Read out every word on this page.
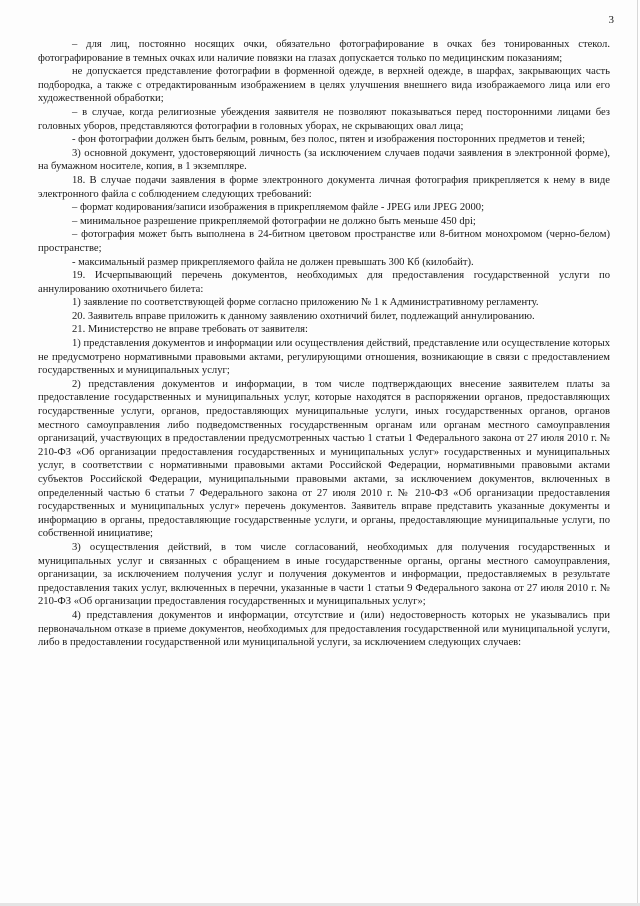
3

– для лиц, постоянно носящих очки, обязательно фотографирование в очках без тонированных стекол. фотографирование в темных очках или наличие повязки на глазах допускается только по медицинским показаниям;

не допускается представление фотографии в форменной одежде, в верхней одежде, в шарфах, закрывающих часть подбородка, а также с отредактированным изображением в целях улучшения внешнего вида изображаемого лица или его художественной обработки;

– в случае, когда религиозные убеждения заявителя не позволяют показываться перед посторонними лицами без головных уборов, представляются фотографии в головных уборах, не скрывающих овал лица;

- фон фотографии должен быть белым, ровным, без полос, пятен и изображения посторонних предметов и теней;

3) основной документ, удостоверяющий личность (за исключением случаев подачи заявления в электронной форме), на бумажном носителе, копия, в 1 экземпляре.

18. В случае подачи заявления в форме электронного документа личная фотография прикрепляется к нему в виде электронного файла с соблюдением следующих требований:

– формат кодирования/записи изображения в прикрепляемом файле - JPEG или JPEG 2000;

– минимальное разрешение прикрепляемой фотографии не должно быть меньше 450 dpi;

– фотография может быть выполнена в 24-битном цветовом пространстве или 8-битном монохромом (черно-белом) пространстве;

- максимальный размер прикрепляемого файла не должен превышать 300 Кб (килобайт).

19. Исчерпывающий перечень документов, необходимых для предоставления государственной услуги по аннулированию охотничьего билета:

1) заявление по соответствующей форме согласно приложению № 1 к Административному регламенту.

20. Заявитель вправе приложить к данному заявлению охотничий билет, подлежащий аннулированию.

21. Министерство не вправе требовать от заявителя:

1) представления документов и информации или осуществления действий, представление или осуществление которых не предусмотрено нормативными правовыми актами, регулирующими отношения, возникающие в связи с предоставлением государственных и муниципальных услуг;

2) представления документов и информации, в том числе подтверждающих внесение заявителем платы за предоставление государственных и муниципальных услуг, которые находятся в распоряжении органов, предоставляющих государственные услуги, органов, предоставляющих муниципальные услуги, иных государственных органов, органов местного самоуправления либо подведомственных государственным органам или органам местного самоуправления организаций, участвующих в предоставлении предусмотренных частью 1 статьи 1 Федерального закона от 27 июля 2010 г. № 210-ФЗ «Об организации предоставления государственных и муниципальных услуг» государственных и муниципальных услуг, в соответствии с нормативными правовыми актами Российской Федерации, нормативными правовыми актами субъектов Российской Федерации, муниципальными правовыми актами, за исключением документов, включенных в определенный частью 6 статьи 7 Федерального закона от 27 июля 2010 г. № 210-ФЗ «Об организации предоставления государственных и муниципальных услуг» перечень документов. Заявитель вправе представить указанные документы и информацию в органы, предоставляющие государственные услуги, и органы, предоставляющие муниципальные услуги, по собственной инициативе;

3) осуществления действий, в том числе согласований, необходимых для получения государственных и муниципальных услуг и связанных с обращением в иные государственные органы, органы местного самоуправления, организации, за исключением получения услуг и получения документов и информации, предоставляемых в результате предоставления таких услуг, включенных в перечни, указанные в части 1 статьи 9 Федерального закона от 27 июля 2010 г. № 210-ФЗ «Об организации предоставления государственных и муниципальных услуг»;

4) представления документов и информации, отсутствие и (или) недостоверность которых не указывались при первоначальном отказе в приеме документов, необходимых для предоставления государственной или муниципальной услуги, либо в предоставлении государственной или муниципальной услуги, за исключением следующих случаев:
